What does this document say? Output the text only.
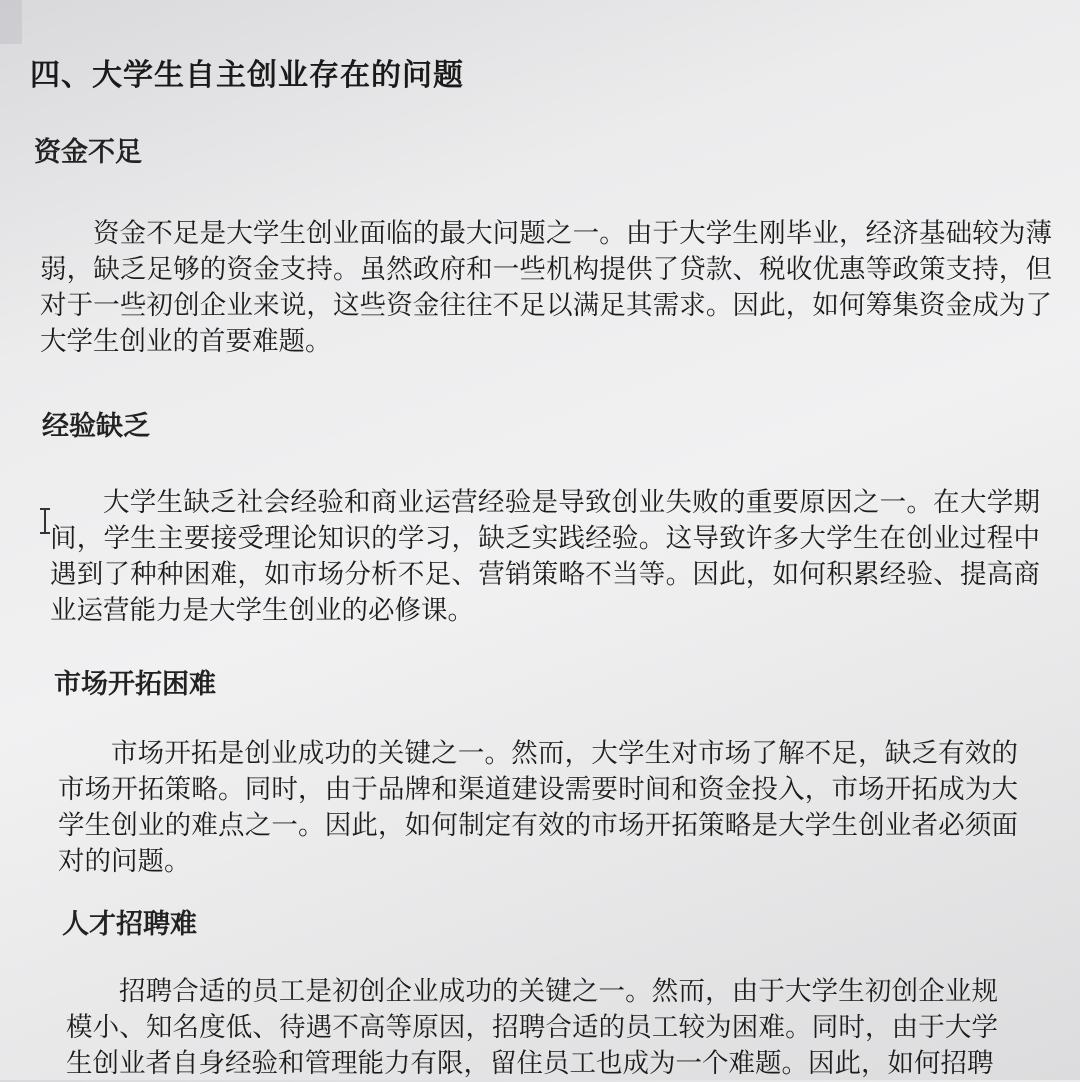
四、大学生自主创业存在的问题
资金不足

资金不足是大学生创业面临的最大问题之一。由于大学生刚毕业，经济基础较为薄弱，缺乏足够的资金支持。虽然政府和一些机构提供了贷款、税收优惠等政策支持，但对于一些初创企业来说，这些资金往往不足以满足其需求。因此，如何筹集资金成为了大学生创业的首要难题。

经验缺乏

大学生缺乏社会经验和商业运营经验是导致创业失败的重要原因之一。在大学期间，学生主要接受理论知识的学习，缺乏实践经验。这导致许多大学生在创业过程中遇到了种种困难，如市场分析不足、营销策略不当等。因此，如何积累经验、提高商业运营能力是大学生创业的必修课。

市场开拓困难

市场开拓是创业成功的关键之一。然而，大学生对市场了解不足，缺乏有效的市场开拓策略。同时，由于品牌和渠道建设需要时间和资金投入，市场开拓成为大学生创业的难点之一。因此，如何制定有效的市场开拓策略是大学生创业者必须面对的问题。

人才招聘难

招聘合适的员工是初创企业成功的关键之一。然而，由于大学生初创企业规模小、知名度低、待遇不高等原因，招聘合适的员工较为困难。同时，由于大学生创业者自身经验和管理能力有限，留住员工也成为一个难题。因此，如何招聘
